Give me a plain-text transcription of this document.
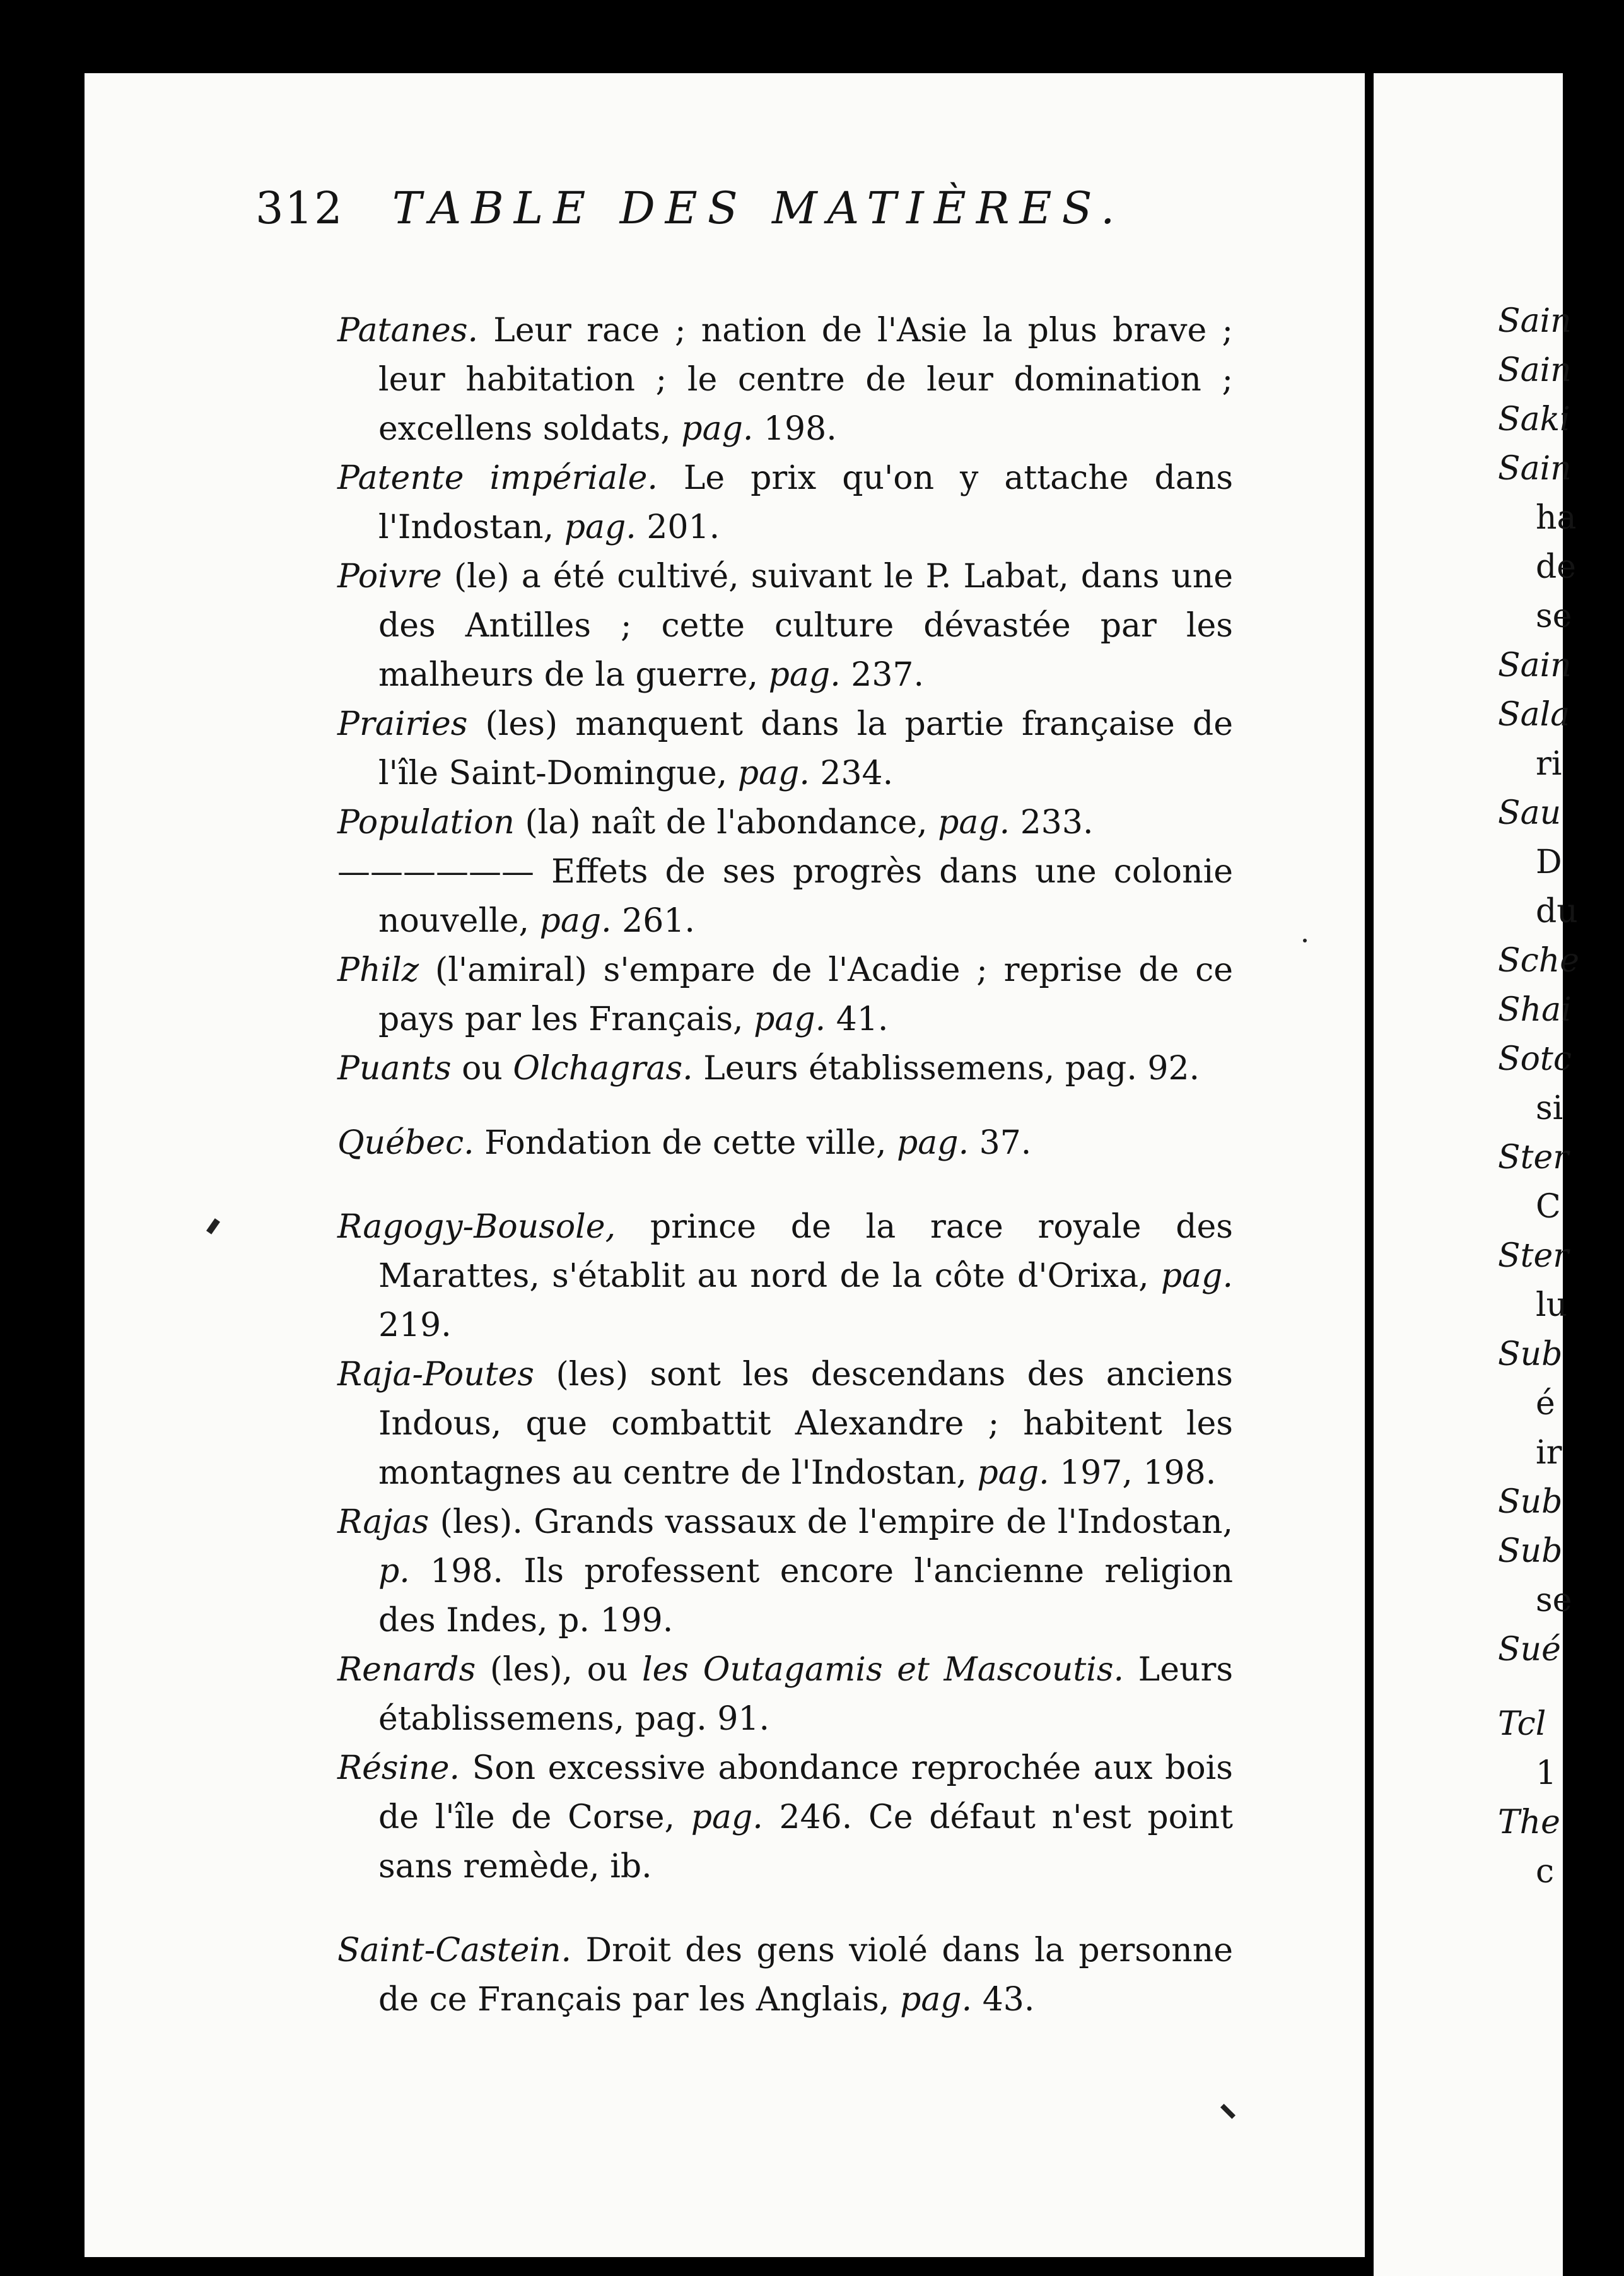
312 TABLE DES MATIÈRES.

Patanes. Leur race ; nation de l'Asie la plus brave ; leur habitation ; le centre de leur domination ; excellens soldats, pag. 198.

Patente impériale. Le prix qu'on y attache dans l'Indostan, pag. 201.

Poivre (le) a été cultivé, suivant le P. Labat, dans une des Antilles ; cette culture dévastée par les malheurs de la guerre, pag. 237.

Prairies (les) manquent dans la partie française de l'île Saint-Domingue, pag. 234.

Population (la) naît de l'abondance, pag. 233.

—————— Effets de ses progrès dans une colonie nouvelle, pag. 261.

Philz (l'amiral) s'empare de l'Acadie ; reprise de ce pays par les Français, pag. 41.

Puants ou Olchagras. Leurs établissemens, pag. 92.

Québec. Fondation de cette ville, pag. 37.

Ragogy-Bousole, prince de la race royale des Marattes, s'établit au nord de la côte d'Orixa, pag. 219.

Raja-Poutes (les) sont les descendans des anciens Indous, que combattit Alexandre ; habitent les montagnes au centre de l'Indostan, pag. 197, 198.

Rajas (les). Grands vassaux de l'empire de l'Indostan, p. 198. Ils professent encore l'ancienne religion des Indes, p. 199.

Renards (les), ou les Outagamis et Mascoutis. Leurs établissemens, pag. 91.

Résine. Son excessive abondance reprochée aux bois de l'île de Corse, pag. 246. Ce défaut n'est point sans remède, ib.

Saint-Castein. Droit des gens violé dans la personne de ce Français par les Anglais, pag. 43.

Sain
Sain
Saki
Sain
ha
de
se
Sain
Sala
ri
Sau
D
du
Sche
Shai
Sotc
si
Ster
C
Ster
lu
Sub
é
ir
Sub
Sub
se
Sué
Tcl
1
The
c
